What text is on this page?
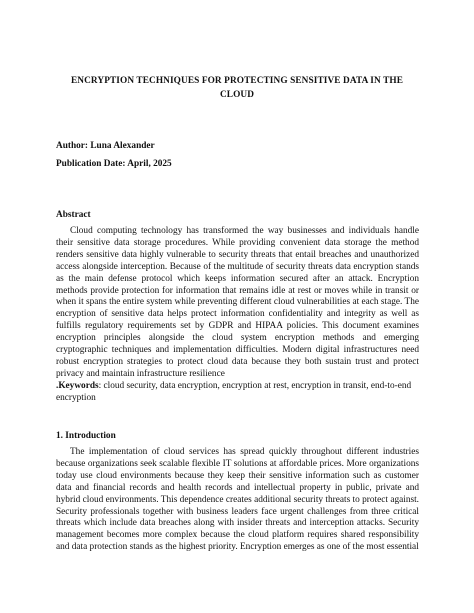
ENCRYPTION TECHNIQUES FOR PROTECTING SENSITIVE DATA IN THE CLOUD
Author: Luna Alexander
Publication Date: April, 2025
Abstract
Cloud computing technology has transformed the way businesses and individuals handle their sensitive data storage procedures. While providing convenient data storage the method renders sensitive data highly vulnerable to security threats that entail breaches and unauthorized access alongside interception. Because of the multitude of security threats data encryption stands as the main defense protocol which keeps information secured after an attack. Encryption methods provide protection for information that remains idle at rest or moves while in transit or when it spans the entire system while preventing different cloud vulnerabilities at each stage. The encryption of sensitive data helps protect information confidentiality and integrity as well as fulfills regulatory requirements set by GDPR and HIPAA policies. This document examines encryption principles alongside the cloud system encryption methods and emerging cryptographic techniques and implementation difficulties. Modern digital infrastructures need robust encryption strategies to protect cloud data because they both sustain trust and protect privacy and maintain infrastructure resilience
.Keywords: cloud security, data encryption, encryption at rest, encryption in transit, end-to-end encryption
1. Introduction
The implementation of cloud services has spread quickly throughout different industries because organizations seek scalable flexible IT solutions at affordable prices. More organizations today use cloud environments because they keep their sensitive information such as customer data and financial records and health records and intellectual property in public, private and hybrid cloud environments. This dependence creates additional security threats to protect against. Security professionals together with business leaders face urgent challenges from three critical threats which include data breaches along with insider threats and interception attacks. Security management becomes more complex because the cloud platform requires shared responsibility and data protection stands as the highest priority. Encryption emerges as one of the most essential
